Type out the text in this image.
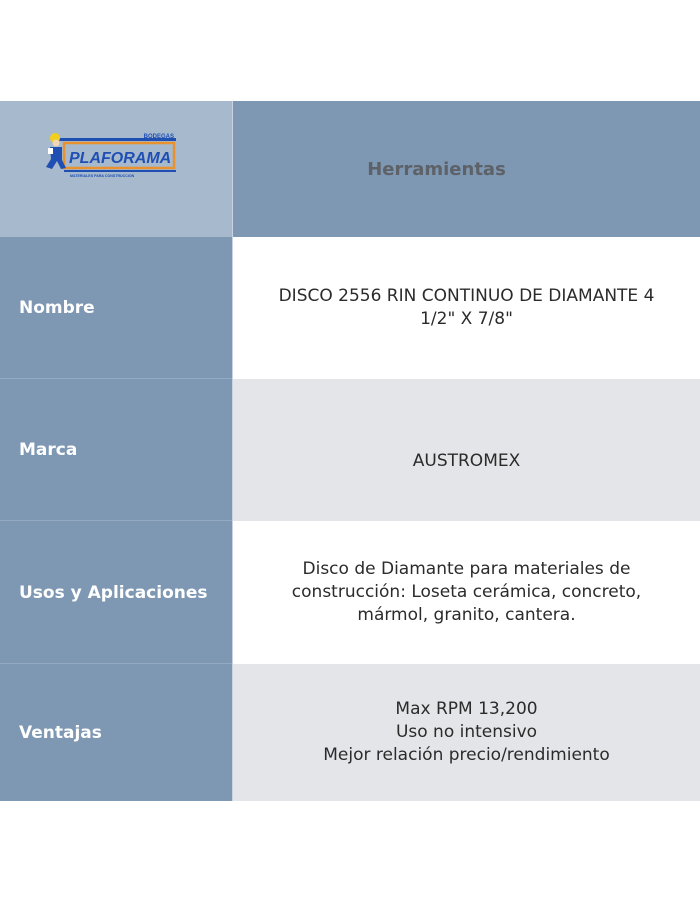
BODEGAS
PLAFORAMA
MATERIALES PARA CONSTRUCCION	Herramientas
Nombre
DISCO 2556 RIN CONTINUO DE DIAMANTE 4
1/2" X 7/8"
Marca
AUSTROMEX
Usos y Aplicaciones
Disco de Diamante para materiales de
construcción: Loseta cerámica, concreto,
mármol, granito, cantera.
Ventajas
Max RPM 13,200
Uso no intensivo
Mejor relación precio/rendimiento
